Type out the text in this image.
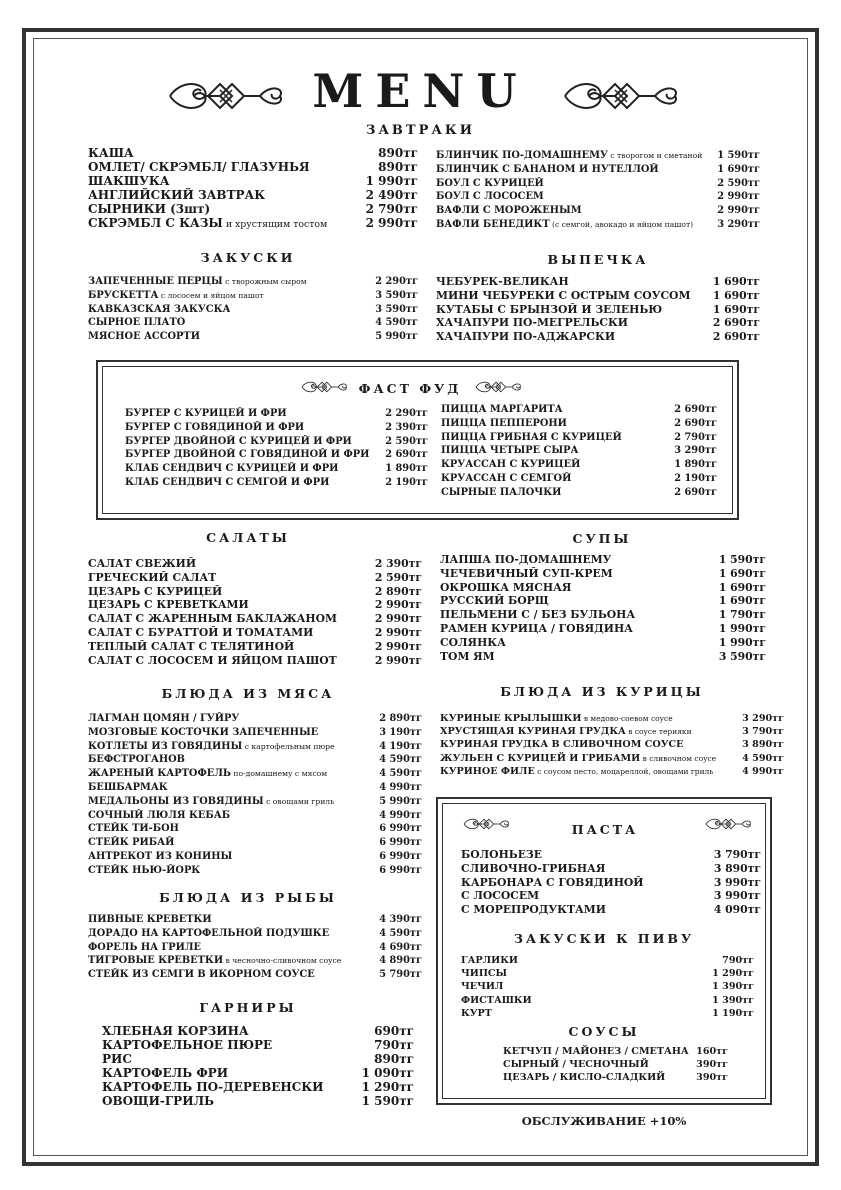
MENU
ЗАВТРАКИ
КАША	890тг
ОМЛЕТ/ СКРЭМБЛ/ ГЛАЗУНЬЯ	890тг
ШАКШУКА	1 990тг
АНГЛИЙСКИЙ ЗАВТРАК	2 490тг
СЫРНИКИ (3шт)	2 790тг
СКРЭМБЛ С КАЗЫ и хрустящим тостом	2 990тг
БЛИНЧИК ПО-ДОМАШНЕМУ с творогом и сметаной 1 590тг
БЛИНЧИК С БАНАНОМ И НУТЕЛЛОЙ	1 690тг
БОУЛ С КУРИЦЕЙ	2 590тг
БОУЛ С ЛОСОСЕМ	2 990тг
ВАФЛИ С МОРОЖЕНЫМ	2 990тг
ВАФЛИ БЕНЕДИКТ (с семгой, авокадо и яйцом пашот) 3 290тг
ЗАКУСКИ
ЗАПЕЧЕННЫЕ ПЕРЦЫ с творожным сыром	2 290тг
БРУСКЕТТА с лососем и яйцом пашот	3 590тг
КАВКАЗСКАЯ ЗАКУСКА	3 590тг
СЫРНОЕ ПЛАТО	4 590тг
МЯСНОЕ АССОРТИ	5 990тг
ВЫПЕЧКА
ЧЕБУРЕК-ВЕЛИКАН	1 690тг
МИНИ ЧЕБУРЕКИ С ОСТРЫМ СОУСОМ 1 690тг
КУТАБЫ С БРЫНЗОЙ И ЗЕЛЕНЬЮ	1 690тг
ХАЧАПУРИ ПО-МЕГРЕЛЬСКИ	2 690тг
ХАЧАПУРИ ПО-АДЖАРСКИ	2 690тг
ФАСТ ФУД
БУРГЕР С КУРИЦЕЙ И ФРИ	2 290тг
БУРГЕР С ГОВЯДИНОЙ И ФРИ	2 390тг
БУРГЕР ДВОЙНОЙ С КУРИЦЕЙ И ФРИ	2 590тг
БУРГЕР ДВОЙНОЙ С ГОВЯДИНОЙ И ФРИ 2 690тг
КЛАБ СЕНДВИЧ С КУРИЦЕЙ И ФРИ	1 890тг
КЛАБ СЕНДВИЧ С СЕМГОЙ И ФРИ	2 190тг
ПИЦЦА МАРГАРИТА	2 690тг
ПИЦЦА ПЕППЕРОНИ	2 690тг
ПИЦЦА ГРИБНАЯ С КУРИЦЕЙ	2 790тг
ПИЦЦА ЧЕТЫРЕ СЫРА	3 290тг
КРУАССАН С КУРИЦЕЙ	1 890тг
КРУАССАН С СЕМГОЙ	2 190тг
СЫРНЫЕ ПАЛОЧКИ	2 690тг
САЛАТЫ
САЛАТ СВЕЖИЙ	2 390тг
ГРЕЧЕСКИЙ САЛАТ	2 590тг
ЦЕЗАРЬ С КУРИЦЕЙ	2 890тг
ЦЕЗАРЬ С КРЕВЕТКАМИ	2 990тг
САЛАТ С ЖАРЕННЫМ БАКЛАЖАНОМ	2 990тг
САЛАТ С БУРАТТОЙ И ТОМАТАМИ	2 990тг
ТЕПЛЫЙ САЛАТ С ТЕЛЯТИНОЙ	2 990тг
САЛАТ С ЛОСОСЕМ И ЯЙЦОМ ПАШОТ	2 990тг
СУПЫ
ЛАПША ПО-ДОМАШНЕМУ	1 590тг
ЧЕЧЕВИЧНЫЙ СУП-КРЕМ	1 690тг
ОКРОШКА МЯСНАЯ	1 690тг
РУССКИЙ БОРЩ	1 690тг
ПЕЛЬМЕНИ С / БЕЗ БУЛЬОНА	1 790тг
РАМЕН КУРИЦА / ГОВЯДИНА	1 990тг
СОЛЯНКА	1 990тг
ТОМ ЯМ	3 590тг
БЛЮДА ИЗ МЯСА
ЛАГМАН ЦОМЯН / ГУЙРУ	2 890тг
МОЗГОВЫЕ КОСТОЧКИ ЗАПЕЧЕННЫЕ	3 190тг
КОТЛЕТЫ ИЗ ГОВЯДИНЫ с картофельным пюре	4 190тг
БЕФСТРОГАНОВ	4 590тг
ЖАРЕНЫЙ КАРТОФЕЛЬ по-домашнему с мясом	4 590тг
БЕШБАРМАК	4 990тг
МЕДАЛЬОНЫ ИЗ ГОВЯДИНЫ с овощами гриль	5 990тг
СОЧНЫЙ ЛЮЛЯ КЕБАБ	4 990тг
СТЕЙК ТИ-БОН	6 990тг
СТЕЙК РИБАЙ	6 990тг
АНТРЕКОТ ИЗ КОНИНЫ	6 990тг
СТЕЙК НЬЮ-ЙОРК	6 990тг
БЛЮДА ИЗ КУРИЦЫ
КУРИНЫЕ КРЫЛЫШКИ в медово-соевом соусе	3 290тг
ХРУСТЯЩАЯ КУРИНАЯ ГРУДКА в соусе терияки	3 790тг
КУРИНАЯ ГРУДКА В СЛИВОЧНОМ СОУСЕ	3 890тг
ЖУЛЬЕН С КУРИЦЕЙ И ГРИБАМИ в сливочном соусе	4 590тг
КУРИНОЕ ФИЛЕ с соусом песто, моцареллой, овощами гриль	4 990тг
БЛЮДА ИЗ РЫБЫ
ПИВНЫЕ КРЕВЕТКИ	4 390тг
ДОРАДО НА КАРТОФЕЛЬНОЙ ПОДУШКЕ	4 590тг
ФОРЕЛЬ НА ГРИЛЕ	4 690тг
ТИГРОВЫЕ КРЕВЕТКИ в чесночно-сливочном соусе	4 890тг
СТЕЙК ИЗ СЕМГИ В ИКОРНОМ СОУСЕ	5 790тг
ГАРНИРЫ
ХЛЕБНАЯ КОРЗИНА	690тг
КАРТОФЕЛЬНОЕ ПЮРЕ	790тг
РИС	890тг
КАРТОФЕЛЬ ФРИ	1 090тг
КАРТОФЕЛЬ ПО-ДЕРЕВЕНСКИ	1 290тг
ОВОЩИ-ГРИЛЬ	1 590тг
ПАСТА
БОЛОНЬЕЗЕ	3 790тг
СЛИВОЧНО-ГРИБНАЯ	3 890тг
КАРБОНАРА С ГОВЯДИНОЙ	3 990тг
С ЛОСОСЕМ	3 990тг
С МОРЕПРОДУКТАМИ	4 090тг
ЗАКУСКИ К ПИВУ
ГАРЛИКИ	790тг
ЧИПСЫ	1 290тг
ЧЕЧИЛ	1 390тг
ФИСТАШКИ	1 390тг
КУРТ	1 190тг
СОУСЫ
КЕТЧУП / МАЙОНЕЗ / СМЕТАНА 160тг
СЫРНЫЙ / ЧЕСНОЧНЫЙ	390тг
ЦЕЗАРЬ / КИСЛО-СЛАДКИЙ	390тг
ОБСЛУЖИВАНИЕ +10%
